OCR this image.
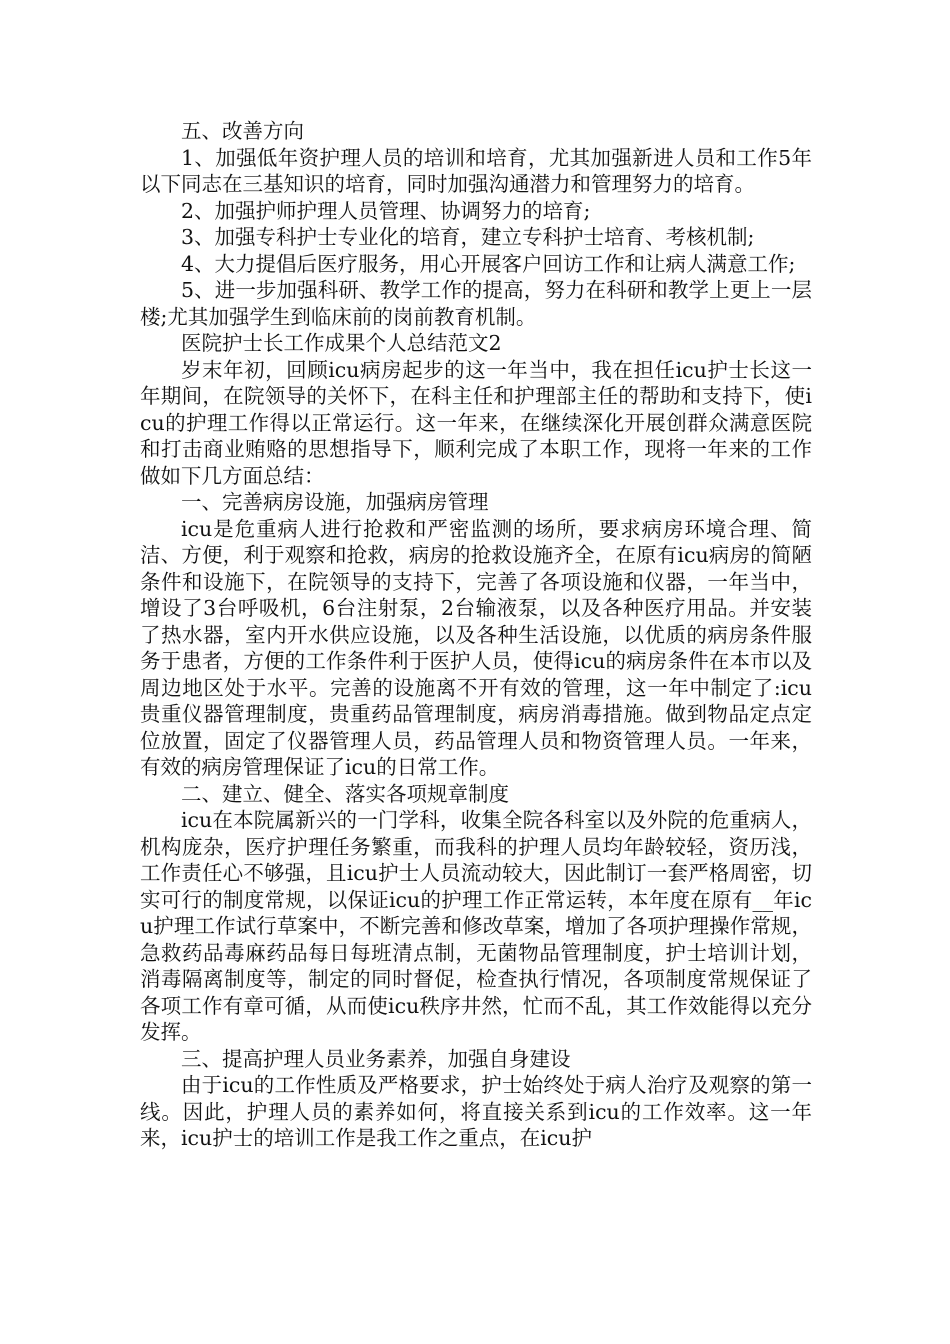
五、改善方向

1、加强低年资护理人员的培训和培育，尤其加强新进人员和工作5年以下同志在三基知识的培育，同时加强沟通潜力和管理努力的培育。

2、加强护师护理人员管理、协调努力的培育;

3、加强专科护士专业化的培育，建立专科护士培育、考核机制;

4、大力提倡后医疗服务，用心开展客户回访工作和让病人满意工作;

5、进一步加强科研、教学工作的提高，努力在科研和教学上更上一层楼;尤其加强学生到临床前的岗前教育机制。

医院护士长工作成果个人总结范文2

岁末年初，回顾icu病房起步的这一年当中，我在担任icu护士长这一年期间，在院领导的关怀下，在科主任和护理部主任的帮助和支持下，使icu的护理工作得以正常运行。这一年来，在继续深化开展创群众满意医院和打击商业贿赂的思想指导下，顺利完成了本职工作，现将一年来的工作做如下几方面总结：

一、完善病房设施，加强病房管理

icu是危重病人进行抢救和严密监测的场所，要求病房环境合理、简洁、方便，利于观察和抢救，病房的抢救设施齐全，在原有icu病房的简陋条件和设施下，在院领导的支持下，完善了各项设施和仪器，一年当中，增设了3台呼吸机，6台注射泵，2台输液泵，以及各种医疗用品。并安装了热水器，室内开水供应设施，以及各种生活设施，以优质的病房条件服务于患者，方便的工作条件利于医护人员，使得icu的病房条件在本市以及周边地区处于水平。完善的设施离不开有效的管理，这一年中制定了:icu贵重仪器管理制度，贵重药品管理制度，病房消毒措施。做到物品定点定位放置，固定了仪器管理人员，药品管理人员和物资管理人员。一年来，有效的病房管理保证了icu的日常工作。

二、建立、健全、落实各项规章制度

icu在本院属新兴的一门学科，收集全院各科室以及外院的危重病人，机构庞杂，医疗护理任务繁重，而我科的护理人员均年龄较轻，资历浅，工作责任心不够强，且icu护士人员流动较大，因此制订一套严格周密，切实可行的制度常规，以保证icu的护理工作正常运转，本年度在原有__年icu护理工作试行草案中，不断完善和修改草案，增加了各项护理操作常规，急救药品毒麻药品每日每班清点制，无菌物品管理制度，护士培训计划，消毒隔离制度等，制定的同时督促，检查执行情况，各项制度常规保证了各项工作有章可循，从而使icu秩序井然，忙而不乱，其工作效能得以充分发挥。

三、提高护理人员业务素养，加强自身建设

由于icu的工作性质及严格要求，护士始终处于病人治疗及观察的第一线。因此，护理人员的素养如何，将直接关系到icu的工作效率。这一年来，icu护士的培训工作是我工作之重点，在icu护
